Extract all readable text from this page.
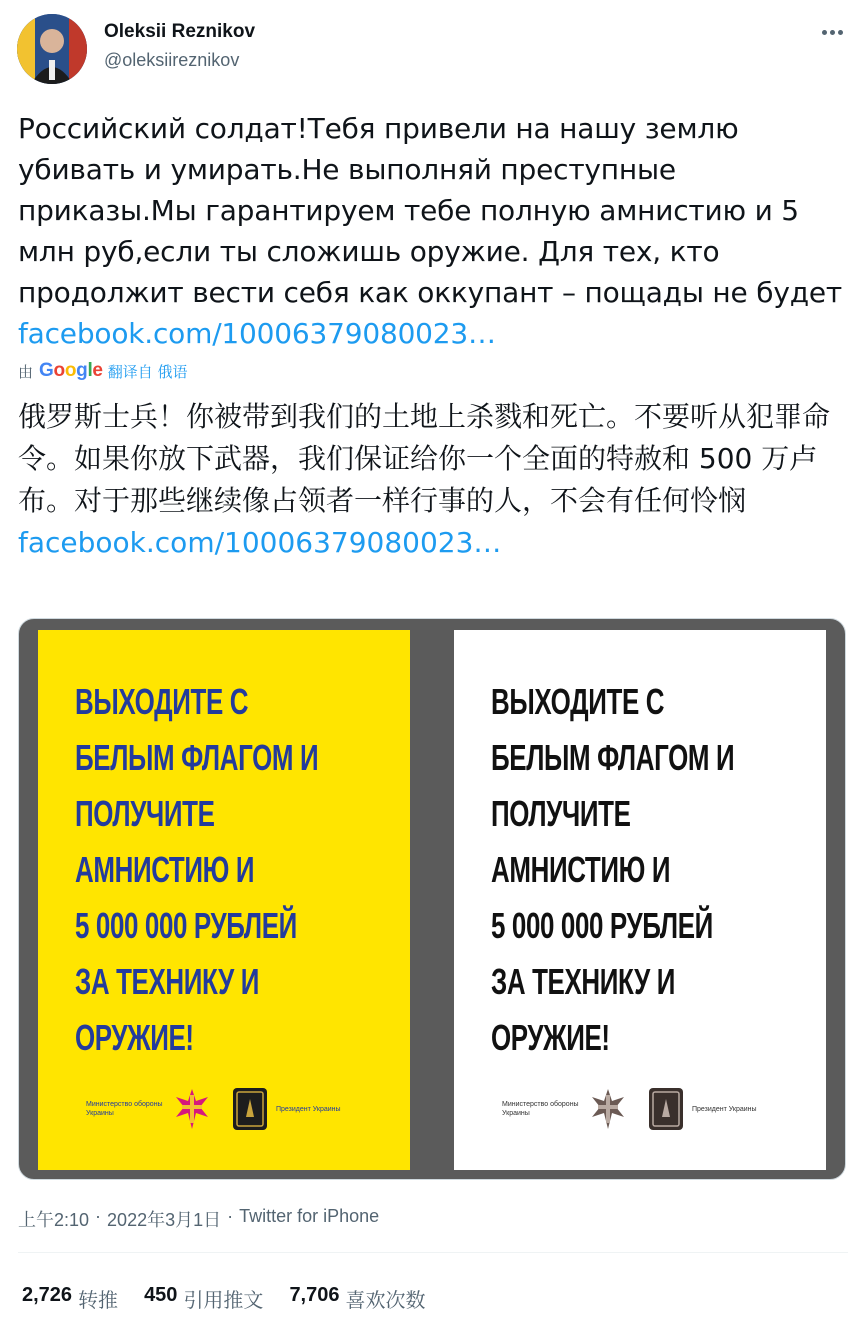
Oleksii Reznikov
@oleksiireznikov
Российский солдат!Тебя привели на нашу землю убивать и умирать.Не выполняй преступные приказы.Мы гарантируем тебе полную амнистию и 5 млн руб,если ты сложишь оружие. Для тех, кто продолжит вести себя как оккупант – пощады не будет facebook.com/10006379080023…
由 Google 翻译自 俄语
俄罗斯士兵！你被带到我们的土地上杀戮和死亡。不要听从犯罪命令。如果你放下武器，我们保证给你一个全面的特赦和 500 万卢布。对于那些继续像占领者一样行事的人，不会有任何怜悯facebook.com/10006379080023…
ВЫХОДИТЕ С
БЕЛЫМ ФЛАГОМ И
ПОЛУЧИТЕ
АМНИСТИЮ И
5 000 000 РУБЛЕЙ
ЗА ТЕХНИКУ И
ОРУЖИЕ!
Министерство обороны Украины
Президент Украины
ВЫХОДИТЕ С
БЕЛЫМ ФЛАГОМ И
ПОЛУЧИТЕ
АМНИСТИЮ И
5 000 000 РУБЛЕЙ
ЗА ТЕХНИКУ И
ОРУЖИЕ!
Министерство обороны Украины
Президент Украины
上午2:10 · 2022年3月1日 · Twitter for iPhone
2,726 转推 450 引用推文 7,706 喜欢次数
